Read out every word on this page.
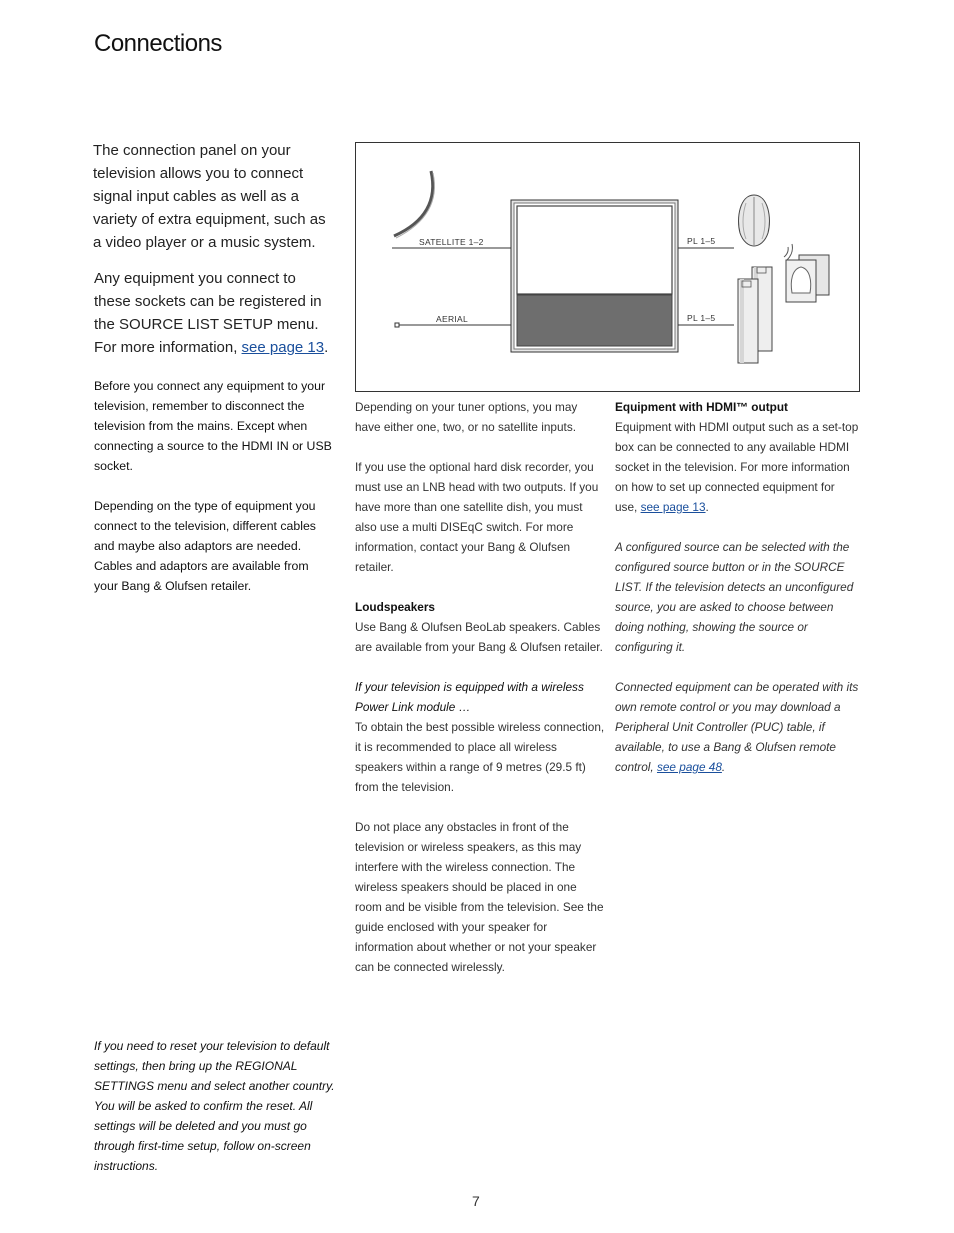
Connections

The connection panel on your television allows you to connect signal input cables as well as a variety of extra equipment, such as a video player or a music system.

Any equipment you connect to these sockets can be registered in the SOURCE LIST SETUP menu. For more information, see page 13.

Before you connect any equipment to your television, remember to disconnect the television from the mains. Except when connecting a source to the HDMI IN or USB socket.

Depending on the type of equipment you connect to the television, different cables and maybe also adaptors are needed. Cables and adaptors are available from your Bang & Olufsen retailer.

If you need to reset your television to default settings, then bring up the REGIONAL SETTINGS menu and select another country. You will be asked to confirm the reset. All settings will be deleted and you must go through first-time setup, follow on-screen instructions.

SATELLITE 1–2
AERIAL
PL 1–5
PL 1–5

Depending on your tuner options, you may have either one, two, or no satellite inputs.

If you use the optional hard disk recorder, you must use an LNB head with two outputs. If you have more than one satellite dish, you must also use a multi DISEqC switch. For more information, contact your Bang & Olufsen retailer.

Loudspeakers
Use Bang & Olufsen BeoLab speakers. Cables are available from your Bang & Olufsen retailer.

If your television is equipped with a wireless Power Link module …
To obtain the best possible wireless connection, it is recommended to place all wireless speakers within a range of 9 metres (29.5 ft) from the television.

Do not place any obstacles in front of the television or wireless speakers, as this may interfere with the wireless connection. The wireless speakers should be placed in one room and be visible from the television. See the guide enclosed with your speaker for information about whether or not your speaker can be connected wirelessly.

Equipment with HDMI™ output
Equipment with HDMI output such as a set-top box can be connected to any available HDMI socket in the television. For more information on how to set up connected equipment for use, see page 13.

A configured source can be selected with the configured source button or in the SOURCE LIST. If the television detects an unconfigured source, you are asked to choose between doing nothing, showing the source or configuring it.

Connected equipment can be operated with its own remote control or you may download a Peripheral Unit Controller (PUC) table, if available, to use a Bang & Olufsen remote control, see page 48.

7
